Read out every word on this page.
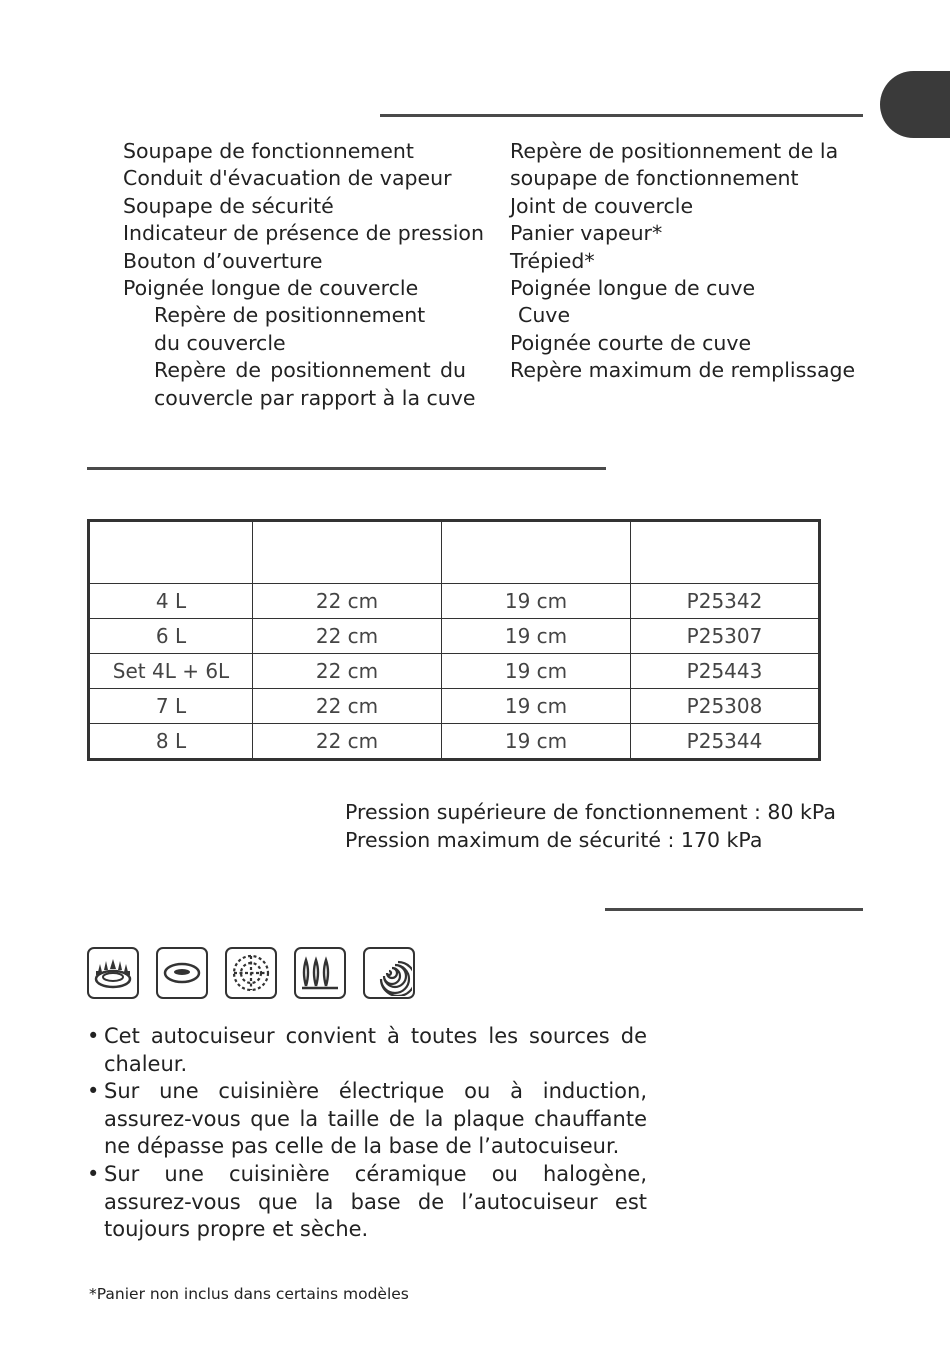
Soupape de fonctionnement
Conduit d'évacuation de vapeur
Soupape de sécurité
Indicateur de présence de pression
Bouton d’ouverture
Poignée longue de couvercle
Repère de positionnement
du couvercle
Repère de positionnement du
couvercle par rapport à la cuve
Repère de positionnement de la
soupape de fonctionnement
Joint de couvercle
Panier vapeur*
Trépied*
Poignée longue de cuve
Cuve
Poignée courte de cuve
Repère maximum de remplissage

4 L	22 cm	19 cm	P25342
6 L	22 cm	19 cm	P25307
Set 4L + 6L	22 cm	19 cm	P25443
7 L	22 cm	19 cm	P25308
8 L	22 cm	19 cm	P25344
Pression supérieure de fonctionnement : 80 kPa
Pression maximum de sécurité : 170 kPa
• Cet autocuiseur convient à toutes les sources de chaleur.
• Sur une cuisinière électrique ou à induction, assurez-vous que la taille de la plaque chauffante ne dépasse pas celle de la base de l’autocuiseur.
• Sur une cuisinière céramique ou halogène, assurez-vous que la base de l’autocuiseur est toujours propre et sèche.
*Panier non inclus dans certains modèles
